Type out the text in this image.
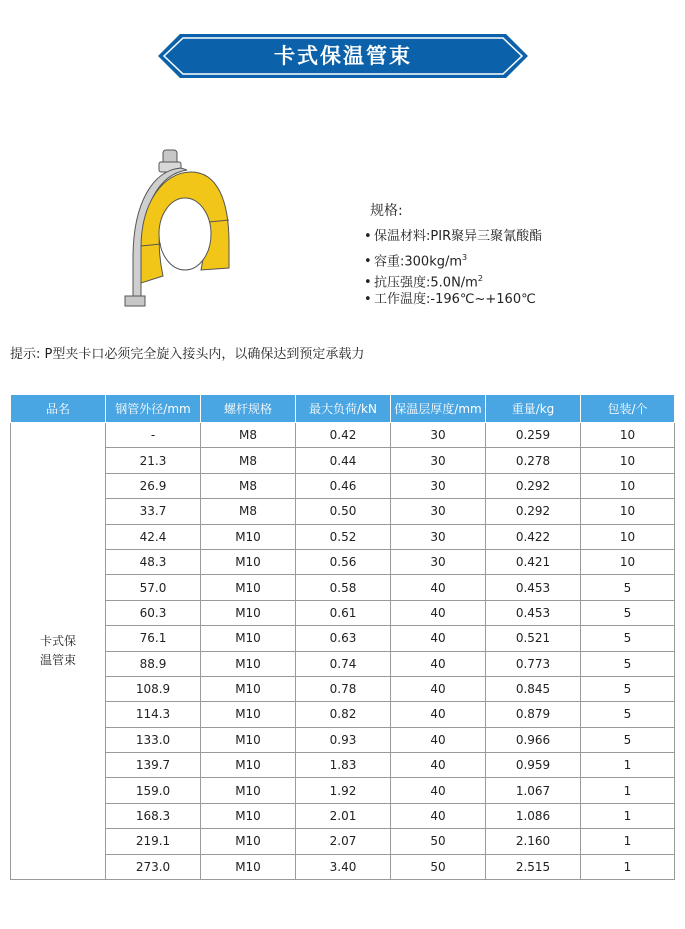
卡式保温管束
规格:
• 保温材料:PIR聚异三聚氰酸酯
• 容重$:300kg/m^3$
• 抗压强度$:5.0N/m^2$
• 工作温度:-196℃~+160℃
提示: P型夹卡口必须完全旋入接头内，以确保达到预定承载力
品名	钢管外径/mm	螺杆规格	最大负荷/kN	保温层厚度/mm	重量/kg	包装/个

卡式保
温管束	-	M8	0.42	30	0.259	10
	21.3	M8	0.44	30	0.278	10
	26.9	M8	0.46	30	0.292	10
	33.7	M8	0.50	30	0.292	10
	42.4	M10	0.52	30	0.422	10
	48.3	M10	0.56	30	0.421	10
	57.0	M10	0.58	40	0.453	5
	60.3	M10	0.61	40	0.453	5
	76.1	M10	0.63	40	0.521	5
	88.9	M10	0.74	40	0.773	5
	108.9	M10	0.78	40	0.845	5
	114.3	M10	0.82	40	0.879	5
	133.0	M10	0.93	40	0.966	5
	139.7	M10	1.83	40	0.959	1
	159.0	M10	1.92	40	1.067	1
	168.3	M10	2.01	40	1.086	1
	219.1	M10	2.07	50	2.160	1
	273.0	M10	3.40	50	2.515	1
